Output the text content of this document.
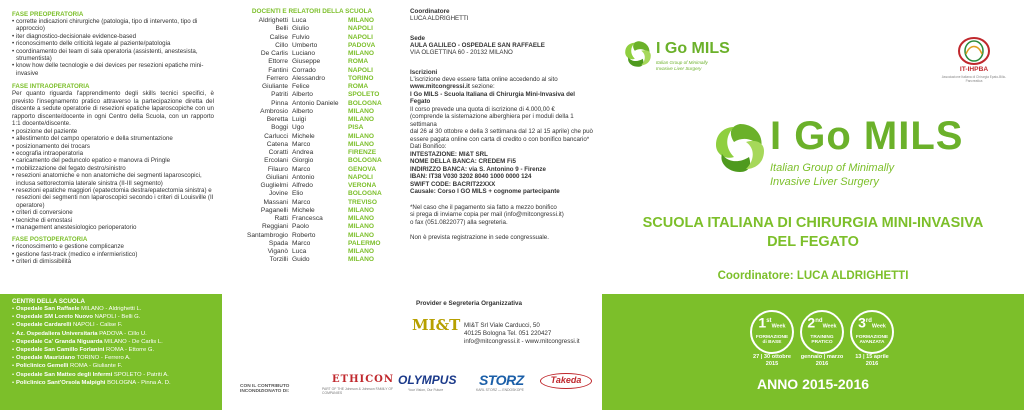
FASE PREOPERATORIA
• corrette indicazioni chirurgiche (patologia, tipo di intervento, tipo di approccio)
• iter diagnostico-decisionale evidence-based
• riconoscimento delle criticità legate al paziente/patologia
• coordinamento dei team di sala operatoria (assistenti, anestesista, strumentista)
• know how delle tecnologie e dei devices per resezioni epatiche mini-invasive
FASE INTRAOPERATORIA
Per quanto riguarda l'apprendimento degli skills tecnici specifici, è previsto l'insegnamento pratico attraverso la partecipazione diretta del discente a sedute operatorie di resezioni epatiche laparoscopiche con un rapporto discente/docente in ogni Centro della Scuola, con un rapporto 1:1 docente/discente.
• posizione del paziente
• allestimento del campo operatorio e della strumentazione
• posizionamento dei trocars
• ecografia intraoperatoria
• caricamento del peduncolo epatico e manovra di Pringle
• mobilizzazione del fegato destro/sinistro
• resezioni anatomiche e non anatomiche dei segmenti laparoscopici, inclusa settorectomia laterale sinistra (II-III segmento)
• resezioni epatiche maggiori (epatectomia destra/epatectomia sinistra) e resezioni dei segmenti non laparoscopici secondo i criteri di Louisville (II operatore)
• criteri di conversione
• tecniche di emostasi
• management anestesiologico perioperatorio
FASE POSTOPERATORIA
• riconoscimento e gestione complicanze
• gestione fast-track (medico e infermieristico)
• criteri di dimissibilità
CENTRI DELLA SCUOLA
• Ospedale San Raffaele MILANO - Aldrighetti L.
• Ospedale SM Loreto Nuovo NAPOLI - Belli G.
• Ospedale Cardarelli NAPOLI - Calise F.
• Az. Ospedaliera Universitaria PADOVA - Cillo U.
• Ospedale Ca' Granda Niguarda MILANO - De Carlis L.
• Ospedale San Camillo Forlanini ROMA - Ettorre G.
• Ospedale Mauriziano TORINO - Ferrero A.
• Policlinico Gemelli ROMA - Giuliante F.
• Ospedale San Matteo degli Infermi SPOLETO - Patriti A.
• Policlinico Sant'Orsola Malpighi BOLOGNA - Pinna A. D.
DOCENTI E RELATORI DELLA SCUOLA
Aldrighetti	Luca	MILANO
Belli	Giulio	NAPOLI
Calise	Fulvio	NAPOLI
Cillo	Umberto	PADOVA
De Carlis	Luciano	MILANO
Ettorre	Giuseppe	ROMA
Fantini	Corrado	NAPOLI
Ferrero	Alessandro	TORINO
Giuliante	Felice	ROMA
Patriti	Alberto	SPOLETO
Pinna	Antonio Daniele	BOLOGNA
Ambrosio	Alberto	MILANO
Beretta	Luigi	MILANO
Boggi	Ugo	PISA
Carlucci	Michele	MILANO
Catena	Marco	MILANO
Coratti	Andrea	FIRENZE
Ercolani	Giorgio	BOLOGNA
Filauro	Marco	GENOVA
Giuliani	Antonio	NAPOLI
Guglielmi	Alfredo	VERONA
Jovine	Elio	BOLOGNA
Massani	Marco	TREVISO
Paganelli	Michele	MILANO
Ratti	Francesca	MILANO
Reggiani	Paolo	MILANO
Santambrogio	Roberto	MILANO
Spada	Marco	PALERMO
Viganò	Luca	MILANO
Torzilli	Guido	MILANO
Coordinatore
LUCA ALDRIGHETTI
Sede
AULA GALILEO - OSPEDALE SAN RAFFAELE
VIA OLGETTINA 60 - 20132 MILANO
Iscrizioni
L'iscrizione deve essere fatta online accedendo al sito
www.mitcongressi.it sezione:
I Go MILS - Scuola Italiana di Chirurgia Mini-Invasiva del Fegato
Il corso prevede una quota di iscrizione di 4.000,00 €
(comprende la sistemazione alberghiera per i moduli della 1 settimana
dal 26 al 30 ottobre e della 3 settimana dal 12 al 15 aprile) che può
essere pagata online con carta di credito o con bonifico bancario*
Dati Bonifico:
INTESTAZIONE: MI&T SRL
NOME DELLA BANCA: CREDEM Fi5
INDIRIZZO BANCA: via S. Antonino 9 - Firenze
IBAN: IT38 V030 3202 8040 1000 0000 124
SWIFT CODE: BACRIT22XXX
Causale: Corso I GO MILS + cognome partecipante
*Nel caso che il pagamento sia fatto a mezzo bonifico
si prega di inviarne copia per mail (info@mitcongressi.it)
o fax (051.0822077) alla segreteria.
Non è prevista registrazione in sede congressuale.
Provider e Segreteria Organizzativa
MI&T MI&T Srl Viale Carducci, 50
40125 Bologna Tel. 051 220427
info@mitcongressi.it - www.mitcongressi.it
CON IL CONTRIBUTO INCONDIZIONATO DI:
ETHICON
PART OF THE Johnson & Johnson FAMILY OF COMPANIES
OLYMPUS
Your Vision, Our Future
STORZ
KARL STORZ — ENDOSKOPE
Takeda
I Go MILS
Italian Group of Minimally
Invasive Liver Surgery	IT-IHPBA
Associazione Italiana di Chirurgia Epato-Bilio-Pancreatica
I Go MILS
Italian Group of Minimally
Invasive Liver Surgery
SCUOLA ITALIANA DI CHIRURGIA MINI-INVASIVA
DEL FEGATO
Coordinatore: LUCA ALDRIGHETTI
1stWeek
FORMAZIONE
di BASE
27 | 30 ottobre
2015
2ndWeek
TRAINING
PRATICO
gennaio | marzo
2016
3rdWeek
FORMAZIONE
AVANZATA
13 | 15 aprile
2016
ANNO 2015-2016
